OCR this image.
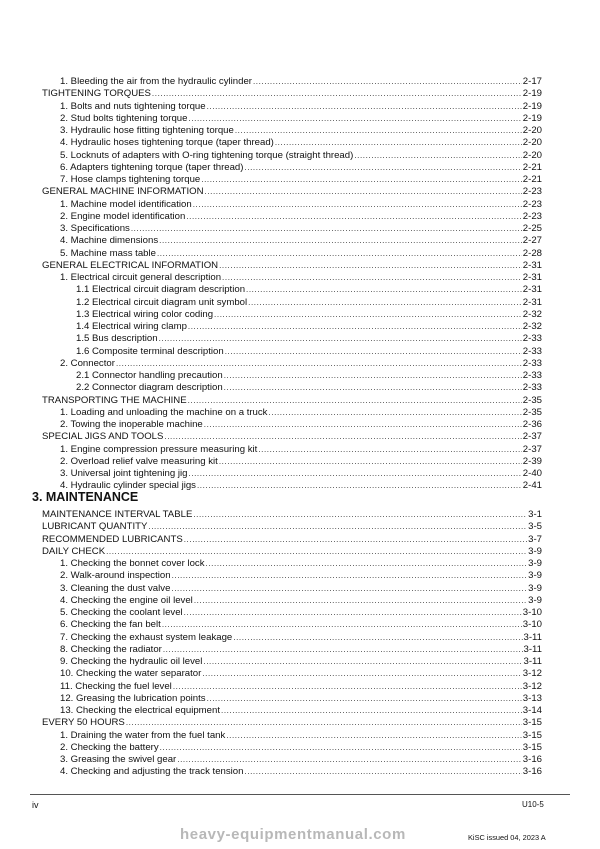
1. Bleeding the air from the hydraulic cylinder .....	2-17
TIGHTENING TORQUES .....	2-19
1. Bolts and nuts tightening torque .....	2-19
2. Stud bolts tightening torque .....	2-19
3. Hydraulic hose fitting tightening torque .....	2-20
4. Hydraulic hoses tightening torque (taper thread) .....	2-20
5. Locknuts of adapters with O-ring tightening torque (straight thread) .....	2-20
6. Adapters tightening torque (taper thread) .....	2-21
7. Hose clamps tightening torque .....	2-21
GENERAL MACHINE INFORMATION .....	2-23
1. Machine model identification .....	2-23
2. Engine model identification .....	2-23
3. Specifications .....	2-25
4. Machine dimensions .....	2-27
5. Machine mass table .....	2-28
GENERAL ELECTRICAL INFORMATION .....	2-31
1. Electrical circuit general description .....	2-31
1.1 Electrical circuit diagram description .....	2-31
1.2 Electrical circuit diagram unit symbol .....	2-31
1.3 Electrical wiring color coding .....	2-32
1.4 Electrical wiring clamp .....	2-32
1.5 Bus description .....	2-33
1.6 Composite terminal description .....	2-33
2. Connector .....	2-33
2.1 Connector handling precaution .....	2-33
2.2 Connector diagram description .....	2-33
TRANSPORTING THE MACHINE .....	2-35
1. Loading and unloading the machine on a truck .....	2-35
2. Towing the inoperable machine .....	2-36
SPECIAL JIGS AND TOOLS .....	2-37
1. Engine compression pressure measuring kit .....	2-37
2. Overload relief valve measuring kit .....	2-39
3. Universal joint tightening jig .....	2-40
4. Hydraulic cylinder special jigs .....	2-41
3. MAINTENANCE
MAINTENANCE INTERVAL TABLE .....	3-1
LUBRICANT QUANTITY .....	3-5
RECOMMENDED LUBRICANTS .....	3-7
DAILY CHECK .....	3-9
1. Checking the bonnet cover lock .....	3-9
2. Walk-around inspection .....	3-9
3. Cleaning the dust valve .....	3-9
4. Checking the engine oil level .....	3-9
5. Checking the coolant level .....	3-10
6. Checking the fan belt .....	3-10
7. Checking the exhaust system leakage .....	3-11
8. Checking the radiator .....	3-11
9. Checking the hydraulic oil level .....	3-11
10. Checking the water separator .....	3-12
11. Checking the fuel level .....	3-12
12. Greasing the lubrication points .....	3-13
13. Checking the electrical equipment .....	3-14
EVERY 50 HOURS .....	3-15
1. Draining the water from the fuel tank .....	3-15
2. Checking the battery .....	3-15
3. Greasing the swivel gear .....	3-16
4. Checking and adjusting the track tension .....	3-16
iv	U10-5
heavy-equipmentmanual.com	KiSC issued 04, 2023 A
